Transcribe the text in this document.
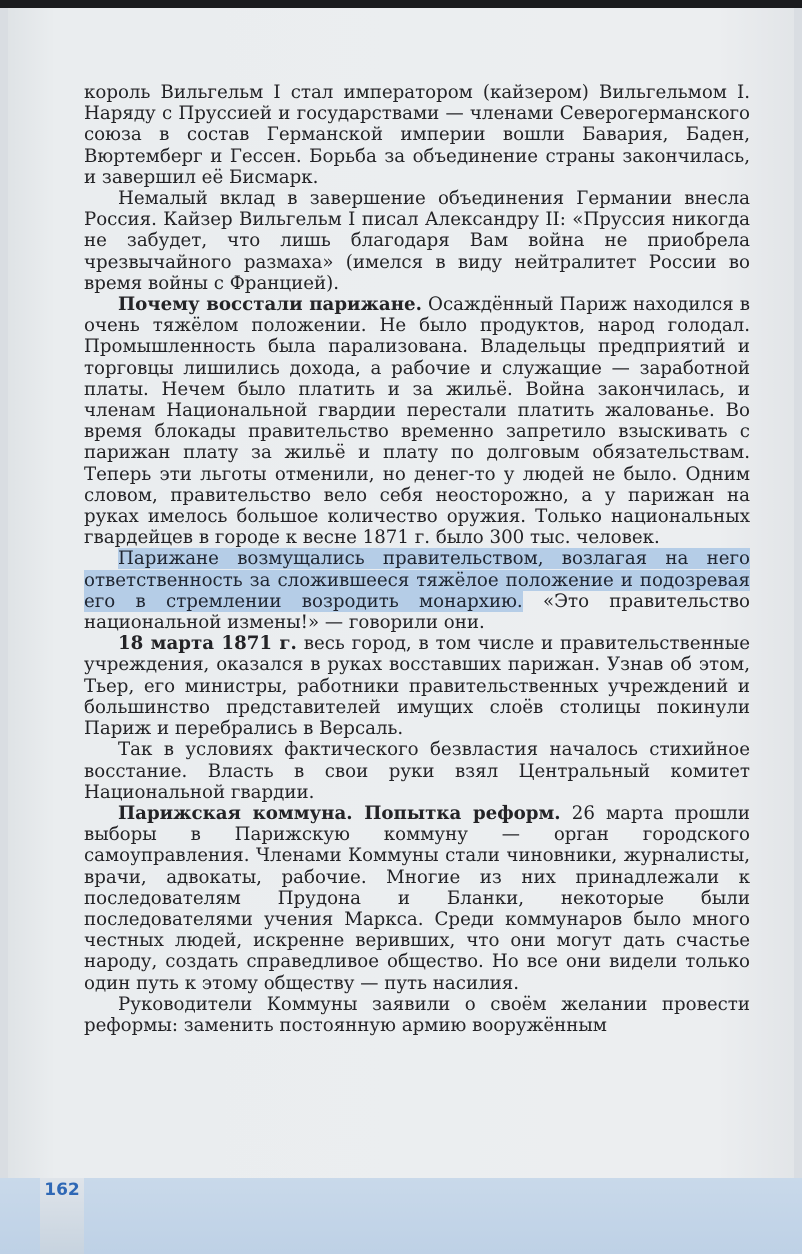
король Вильгельм I стал императором (кайзером) Вильгельмом I. Наряду с Пруссией и государствами — членами Северогерманского союза в состав Германской империи вошли Бавария, Баден, Вюртемберг и Гессен. Борьба за объединение страны закончилась, и завершил её Бисмарк.

Немалый вклад в завершение объединения Германии внесла Россия. Кайзер Вильгельм I писал Александру II: «Пруссия никогда не забудет, что лишь благодаря Вам война не приобрела чрезвычайного размаха» (имелся в виду нейтралитет России во время войны с Францией).

Почему восстали парижане. Осаждённый Париж находился в очень тяжёлом положении. Не было продуктов, народ голодал. Промышленность была парализована. Владельцы предприятий и торговцы лишились дохода, а рабочие и служащие — заработной платы. Нечем было платить и за жильё. Война закончилась, и членам Национальной гвардии перестали платить жалованье. Во время блокады правительство временно запретило взыскивать с парижан плату за жильё и плату по долговым обязательствам. Теперь эти льготы отменили, но денег-то у людей не было. Одним словом, правительство вело себя неосторожно, а у парижан на руках имелось большое количество оружия. Только национальных гвардейцев в городе к весне 1871 г. было 300 тыс. человек.

Парижане возмущались правительством, возлагая на него ответственность за сложившееся тяжёлое положение и подозревая его в стремлении возродить монархию. «Это правительство национальной измены!» — говорили они.

18 марта 1871 г. весь город, в том числе и правительственные учреждения, оказался в руках восставших парижан. Узнав об этом, Тьер, его министры, работники правительственных учреждений и большинство представителей имущих слоёв столицы покинули Париж и перебрались в Версаль.

Так в условиях фактического безвластия началось стихийное восстание. Власть в свои руки взял Центральный комитет Национальной гвардии.

Парижская коммуна. Попытка реформ. 26 марта прошли выборы в Парижскую коммуну — орган городского самоуправления. Членами Коммуны стали чиновники, журналисты, врачи, адвокаты, рабочие. Многие из них принадлежали к последователям Прудона и Бланки, некоторые были последователями учения Маркса. Среди коммунаров было много честных людей, искренне веривших, что они могут дать счастье народу, создать справедливое общество. Но все они видели только один путь к этому обществу — путь насилия.

Руководители Коммуны заявили о своём желании провести реформы: заменить постоянную армию вооружённым

162
